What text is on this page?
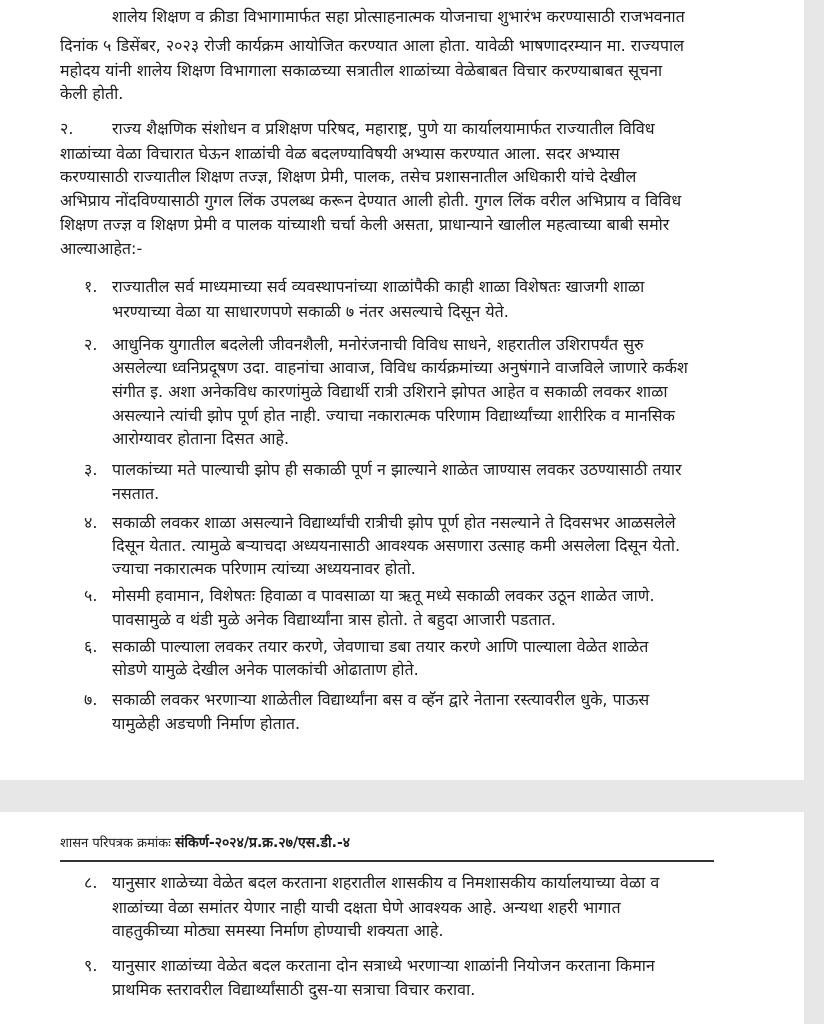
शालेय शिक्षण व क्रीडा विभागामार्फत सहा प्रोत्साहनात्मक योजनाचा शुभारंभ करण्यासाठी राजभवनात
दिनांक ५ डिसेंबर, २०२३ रोजी कार्यक्रम आयोजित करण्यात आला होता. यावेळी भाषणादरम्यान मा. राज्यपाल
महोदय यांनी शालेय शिक्षण विभागाला सकाळच्या सत्रातील शाळांच्या वेळेबाबत विचार करण्याबाबत सूचना
केली होती.
२. राज्य शैक्षणिक संशोधन व प्रशिक्षण परिषद, महाराष्ट्र, पुणे या कार्यालयामार्फत राज्यातील विविध
शाळांच्या वेळा विचारात घेऊन शाळांची वेळ बदलण्याविषयी अभ्यास करण्यात आला. सदर अभ्यास
करण्यासाठी राज्यातील शिक्षण तज्ज्ञ, शिक्षण प्रेमी, पालक, तसेच प्रशासनातील अधिकारी यांचे देखील
अभिप्राय नोंदविण्यासाठी गुगल लिंक उपलब्ध करून देण्यात आली होती. गुगल लिंक वरील अभिप्राय व विविध
शिक्षण तज्ज्ञ व शिक्षण प्रेमी व पालक यांच्याशी चर्चा केली असता, प्राधान्याने खालील महत्वाच्या बाबी समोर
आल्याआहेत:-
१. राज्यातील सर्व माध्यमाच्या सर्व व्यवस्थापनांच्या शाळांपैकी काही शाळा विशेषतः खाजगी शाळा
भरण्याच्या वेळा या साधारणपणे सकाळी ७ नंतर असल्याचे दिसून येते.
२. आधुनिक युगातील बदलेली जीवनशैली, मनोरंजनाची विविध साधने, शहरातील उशिरापर्यंत सुरु
असलेल्या ध्वनिप्रदूषण उदा. वाहनांचा आवाज, विविध कार्यक्रमांच्या अनुषंगाने वाजविले जाणारे कर्कश
संगीत इ. अशा अनेकविध कारणांमुळे विद्यार्थी रात्री उशिराने झोपत आहेत व सकाळी लवकर शाळा
असल्याने त्यांची झोप पूर्ण होत नाही. ज्याचा नकारात्मक परिणाम विद्यार्थ्यांच्या शारीरिक व मानसिक
आरोग्यावर होताना दिसत आहे.
३. पालकांच्या मते पाल्याची झोप ही सकाळी पूर्ण न झाल्याने शाळेत जाण्यास लवकर उठण्यासाठी तयार
नसतात.
४. सकाळी लवकर शाळा असल्याने विद्यार्थ्यांची रात्रीची झोप पूर्ण होत नसल्याने ते दिवसभर आळसलेले
दिसून येतात. त्यामुळे बऱ्याचदा अध्ययनासाठी आवश्यक असणारा उत्साह कमी असलेला दिसून येतो.
ज्याचा नकारात्मक परिणाम त्यांच्या अध्ययनावर होतो.
५. मोसमी हवामान, विशेषतः हिवाळा व पावसाळा या ऋतू मध्ये सकाळी लवकर उठून शाळेत जाणे.
पावसामुळे व थंडी मुळे अनेक विद्यार्थ्यांना त्रास होतो. ते बहुदा आजारी पडतात.
६. सकाळी पाल्याला लवकर तयार करणे, जेवणाचा डबा तयार करणे आणि पाल्याला वेळेत शाळेत
सोडणे यामुळे देखील अनेक पालकांची ओढाताण होते.
७. सकाळी लवकर भरणाऱ्या शाळेतील विद्यार्थ्यांना बस व व्हॅन द्वारे नेताना रस्त्यावरील धुके, पाऊस
यामुळेही अडचणी निर्माण होतात.
शासन परिपत्रक क्रमांकः संकिर्ण-२०२४/प्र.क्र.२७/एस.डी.-४
८. यानुसार शाळेच्या वेळेत बदल करताना शहरातील शासकीय व निमशासकीय कार्यालयाच्या वेळा व
शाळांच्या वेळा समांतर येणार नाही याची दक्षता घेणे आवश्यक आहे. अन्यथा शहरी भागात
वाहतुकीच्या मोठ्या समस्या निर्माण होण्याची शक्यता आहे.
९. यानुसार शाळांच्या वेळेत बदल करताना दोन सत्राध्ये भरणाऱ्या शाळांनी नियोजन करताना किमान
प्राथमिक स्तरावरील विद्यार्थ्यांसाठी दुस-या सत्राचा विचार करावा.
